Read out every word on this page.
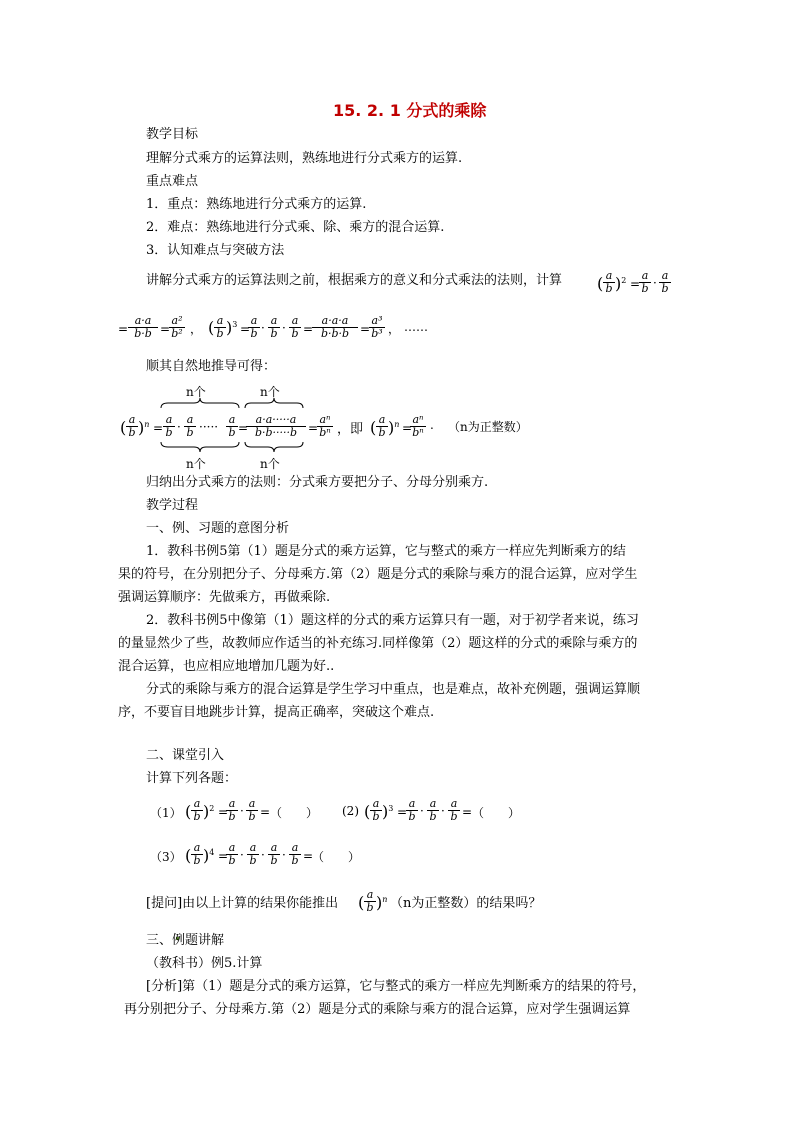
15. 2. 1 分式的乘除
教学目标
理解分式乘方的运算法则，熟练地进行分式乘方的运算.
重点难点
1．重点：熟练地进行分式乘方的运算.
2．难点：熟练地进行分式乘、除、乘方的混合运算.
3．认知难点与突破方法
讲解分式乘方的运算法则之前，根据乘方的意义和分式乘法的法则，计算 ( a
b )$^2$ =
a
b ·
a
b
=
a·a
b·b =
a²
b² ， ( a
b )$^3$ =
a
b ·
a
b ·
a
b =
a·a·a
b·b·b =
a³
b³ ， ……
顺其自然地推导可得：
n个	n个
( a
b )$^n$ =
a
b ·
a
b ·····
a
b =
a·a·····a
b·b·····b =
aⁿ
bⁿ ，即 ( a
b )$^n$ =
aⁿ
bⁿ
. （n为正整数）
n个	n个
归纳出分式乘方的法则：分式乘方要把分子、分母分别乘方.
教学过程
一、例、习题的意图分析
1．教科书例5第（1）题是分式的乘方运算，它与整式的乘方一样应先判断乘方的结
果的符号，在分别把分子、分母乘方.第（2）题是分式的乘除与乘方的混合运算，应对学生
强调运算顺序：先做乘方，再做乘除.
2．教科书例5中像第（1）题这样的分式的乘方运算只有一题，对于初学者来说，练习
的量显然少了些，故教师应作适当的补充练习.同样像第（2）题这样的分式的乘除与乘方的
混合运算，也应相应地增加几题为好..
分式的乘除与乘方的混合运算是学生学习中重点，也是难点，故补充例题，强调运算顺
序，不要盲目地跳步计算，提高正确率，突破这个难点.
二、课堂引入
计算下列各题：
（1） ( a
b )$^2$ =
a
b ·
a
b = （　　） (2) ( a
b )$^3$ =
a
b ·
a
b ·
a
b = （　　）
（3） ( a
b )$^4$ =
a
b ·
a
b ·
a
b ·
a
b =
（　　）
[提问]由以上计算的结果你能推出 ( a
b )$^n$ （n为正整数）的结果吗？
三、例题讲解
（教科书）例5.计算
[分析]第（1）题是分式的乘方运算，它与整式的乘方一样应先判断乘方的结果的符号，
再分别把分子、分母乘方.第（2）题是分式的乘除与乘方的混合运算，应对学生强调运算
